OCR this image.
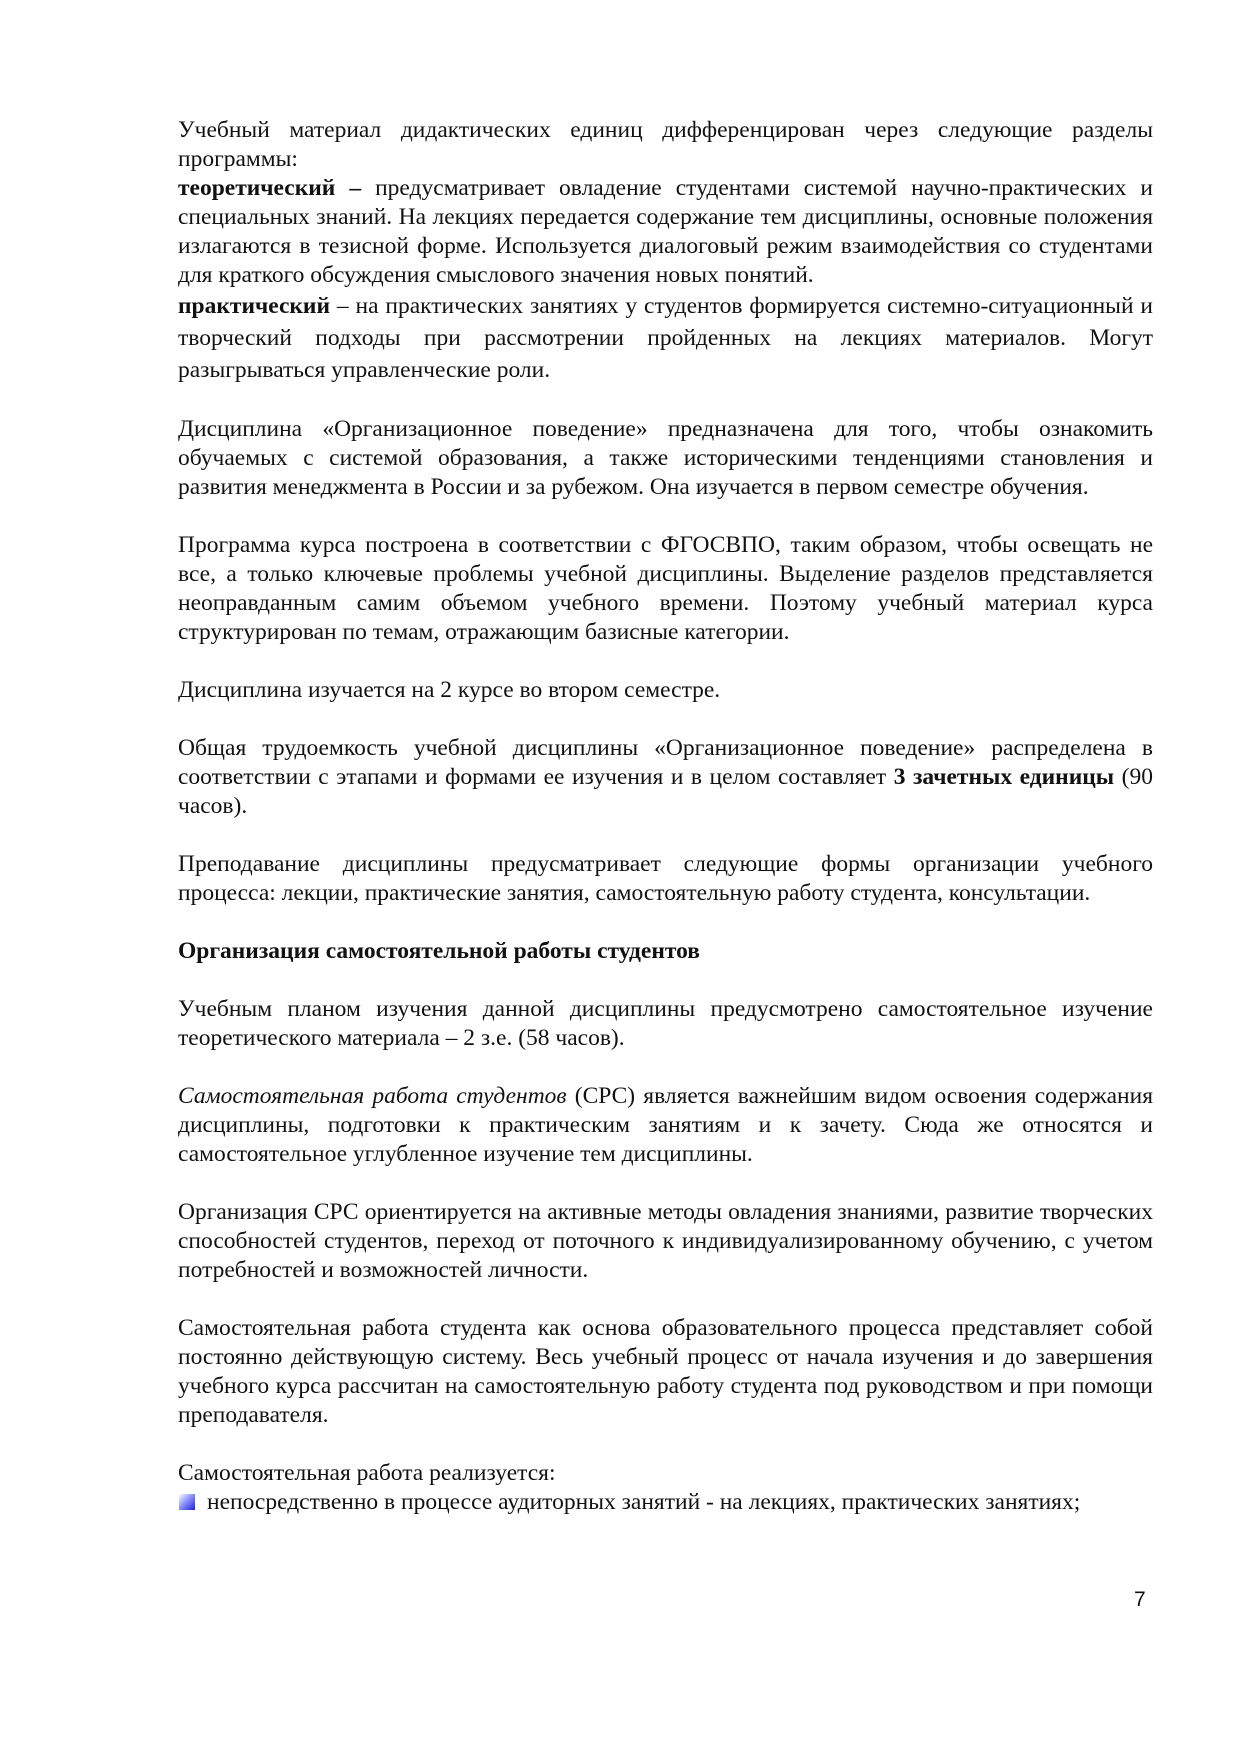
Учебный материал дидактических единиц дифференцирован через следующие разделы программы:

теоретический – предусматривает овладение студентами системой научно-практических и специальных знаний. На лекциях передается содержание тем дисциплины, основные положения излагаются в тезисной форме. Используется диалоговый режим взаимодействия со студентами для краткого обсуждения смыслового значения новых понятий.

практический – на практических занятиях у студентов формируется системно-ситуационный и творческий подходы при рассмотрении пройденных на лекциях материалов. Могут разыгрываться управленческие роли.

Дисциплина «Организационное поведение» предназначена для того, чтобы ознакомить обучаемых с системой образования, а также историческими тенденциями становления и развития менеджмента в России и за рубежом. Она изучается в первом семестре обучения.

Программа курса построена в соответствии с ФГОСВПО, таким образом, чтобы освещать не все, а только ключевые проблемы учебной дисциплины. Выделение разделов представляется неоправданным самим объемом учебного времени. Поэтому учебный материал курса структурирован по темам, отражающим базисные категории.

Дисциплина изучается на 2 курсе во втором семестре.

Общая трудоемкость учебной дисциплины «Организационное поведение» распределена в соответствии с этапами и формами ее изучения и в целом составляет 3 зачетных единицы (90 часов).

Преподавание дисциплины предусматривает следующие формы организации учебного процесса: лекции, практические занятия, самостоятельную работу студента, консультации.

Организация самостоятельной работы студентов

Учебным планом изучения данной дисциплины предусмотрено самостоятельное изучение теоретического материала – 2 з.е. (58 часов).

Самостоятельная работа студентов (СРС) является важнейшим видом освоения содержания дисциплины, подготовки к практическим занятиям и к зачету. Сюда же относятся и самостоятельное углубленное изучение тем дисциплины.

Организация СРС ориентируется на активные методы овладения знаниями, развитие творческих способностей студентов, переход от поточного к индивидуализированному обучению, с учетом потребностей и возможностей личности.

Самостоятельная работа студента как основа образовательного процесса представляет собой постоянно действующую систему. Весь учебный процесс от начала изучения и до завершения учебного курса рассчитан на самостоятельную работу студента под руководством и при помощи преподавателя.

Самостоятельная работа реализуется:

непосредственно в процессе аудиторных занятий - на лекциях, практических занятиях;
7
